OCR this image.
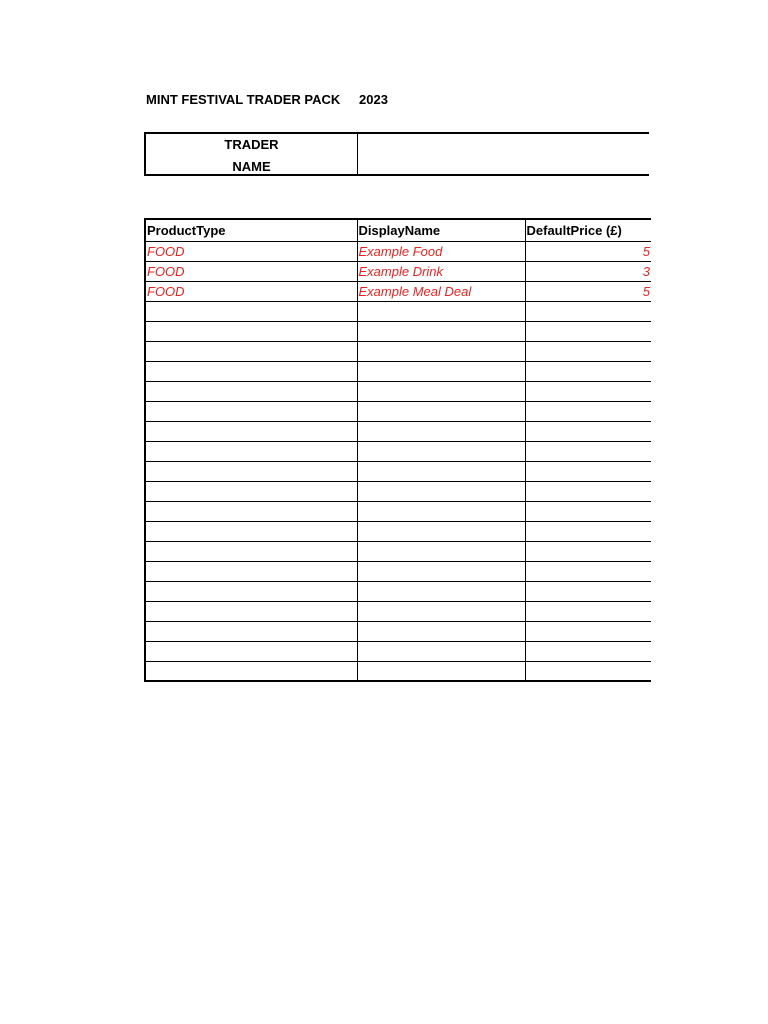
MINT FESTIVAL TRADER PACK 2023
TRADER
NAME
ProductType	DisplayName	DefaultPrice (£)
FOOD	Example Food	5
FOOD	Example Drink	3
FOOD	Example Meal Deal	5
